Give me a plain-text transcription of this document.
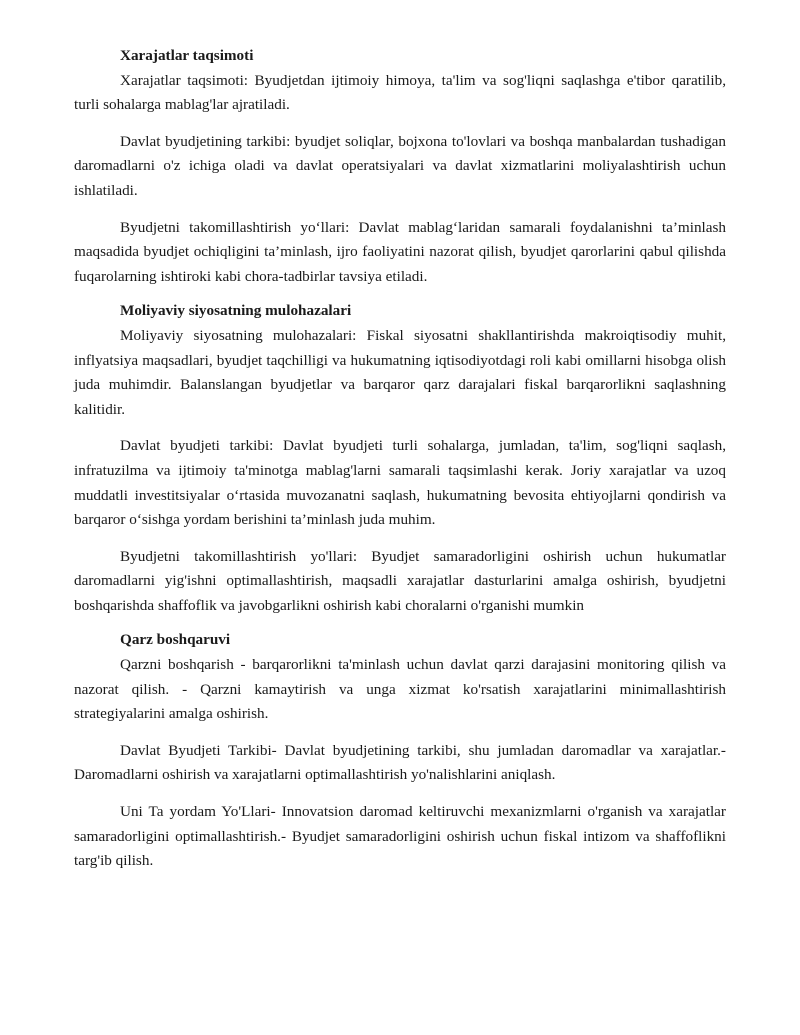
Xarajatlar taqsimoti

Xarajatlar taqsimoti: Byudjetdan ijtimoiy himoya, ta'lim va sog'liqni saqlashga e'tibor qaratilib, turli sohalarga mablag'lar ajratiladi.

Davlat byudjetining tarkibi: byudjet soliqlar, bojxona to'lovlari va boshqa manbalardan tushadigan daromadlarni o'z ichiga oladi va davlat operatsiyalari va davlat xizmatlarini moliyalashtirish uchun ishlatiladi.

Byudjetni takomillashtirish yo‘llari: Davlat mablag‘laridan samarali foydalanishni ta’minlash maqsadida byudjet ochiqligini ta’minlash, ijro faoliyatini nazorat qilish, byudjet qarorlarini qabul qilishda fuqarolarning ishtiroki kabi chora-tadbirlar tavsiya etiladi.

Moliyaviy siyosatning mulohazalari

Moliyaviy siyosatning mulohazalari: Fiskal siyosatni shakllantirishda makroiqtisodiy muhit, inflyatsiya maqsadlari, byudjet taqchilligi va hukumatning iqtisodiyotdagi roli kabi omillarni hisobga olish juda muhimdir. Balanslangan byudjetlar va barqaror qarz darajalari fiskal barqarorlikni saqlashning kalitidir.

Davlat byudjeti tarkibi: Davlat byudjeti turli sohalarga, jumladan, ta'lim, sog'liqni saqlash, infratuzilma va ijtimoiy ta'minotga mablag'larni samarali taqsimlashi kerak. Joriy xarajatlar va uzoq muddatli investitsiyalar o‘rtasida muvozanatni saqlash, hukumatning bevosita ehtiyojlarni qondirish va barqaror o‘sishga yordam berishini ta’minlash juda muhim.

Byudjetni takomillashtirish yo'llari: Byudjet samaradorligini oshirish uchun hukumatlar daromadlarni yig'ishni optimallashtirish, maqsadli xarajatlar dasturlarini amalga oshirish, byudjetni boshqarishda shaffoflik va javobgarlikni oshirish kabi choralarni o'rganishi mumkin

Qarz boshqaruvi

Qarzni boshqarish - barqarorlikni ta'minlash uchun davlat qarzi darajasini monitoring qilish va nazorat qilish. - Qarzni kamaytirish va unga xizmat ko'rsatish xarajatlarini minimallashtirish strategiyalarini amalga oshirish.

Davlat Byudjeti Tarkibi- Davlat byudjetining tarkibi, shu jumladan daromadlar va xarajatlar.- Daromadlarni oshirish va xarajatlarni optimallashtirish yo'nalishlarini aniqlash.

Uni Ta yordam Yo'Llari- Innovatsion daromad keltiruvchi mexanizmlarni o'rganish va xarajatlar samaradorligini optimallashtirish.- Byudjet samaradorligini oshirish uchun fiskal intizom va shaffoflikni targ'ib qilish.
